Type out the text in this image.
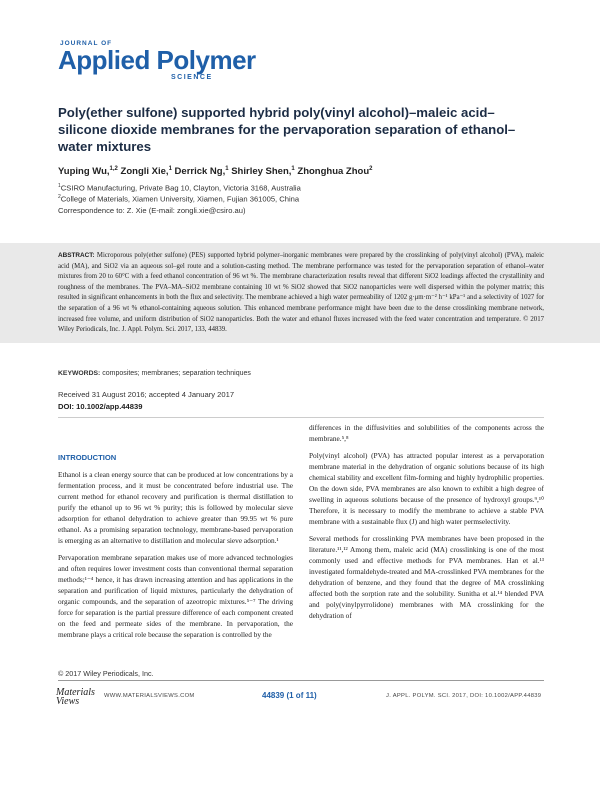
JOURNAL OF
Applied Polymer
SCIENCE
Poly(ether sulfone) supported hybrid poly(vinyl alcohol)–maleic acid–silicone dioxide membranes for the pervaporation separation of ethanol–water mixtures
Yuping Wu,$^{1,2}$ Zongli Xie,$^1$ Derrick Ng,$^1$ Shirley Shen,$^1$ Zhonghua Zhou$^2$
$^1$CSIRO Manufacturing, Private Bag 10, Clayton, Victoria 3168, Australia
$^2$College of Materials, Xiamen University, Xiamen, Fujian 361005, China
Correspondence to: Z. Xie (E-mail: zongli.xie@csiro.au)
ABSTRACT: Microporous poly(ether sulfone) (PES) supported hybrid polymer–inorganic membranes were prepared by the crosslinking of poly(vinyl alcohol) (PVA), maleic acid (MA), and SiO2 via an aqueous sol–gel route and a solution-casting method. The membrane performance was tested for the pervaporation separation of ethanol–water mixtures from 20 to 60°C with a feed ethanol concentration of 96 wt %. The membrane characterization results reveal that different SiO2 loadings affected the crystallinity and roughness of the membranes. The PVA–MA–SiO2 membrane containing 10 wt % SiO2 showed that SiO2 nanoparticles were well dispersed within the polymer matrix; this resulted in significant enhancements in both the flux and selectivity. The membrane achieved a high water permeability of 1202 g·μm·m⁻² h⁻¹ kPa⁻¹ and a selectivity of 1027 for the separation of a 96 wt % ethanol-containing aqueous solution. This enhanced membrane performance might have been due to the dense crosslinking membrane network, increased free volume, and uniform distribution of SiO2 nanoparticles. Both the water and ethanol fluxes increased with the feed water concentration and temperature. © 2017 Wiley Periodicals, Inc. J. Appl. Polym. Sci. 2017, 133, 44839.
KEYWORDS: composites; membranes; separation techniques
Received 31 August 2016; accepted 4 January 2017
DOI: 10.1002/app.44839
INTRODUCTION

Ethanol is a clean energy source that can be produced at low concentrations by a fermentation process, and it must be concentrated before industrial use. The current method for ethanol recovery and purification is thermal distillation to purify the ethanol up to 96 wt % purity; this is followed by molecular sieve adsorption for ethanol dehydration to achieve greater than 99.95 wt % pure ethanol. As a promising separation technology, membrane-based pervaporation is emerging as an alternative to distillation and molecular sieve adsorption.¹

Pervaporation membrane separation makes use of more advanced technologies and often requires lower investment costs than conventional thermal separation methods;¹⁻⁴ hence, it has drawn increasing attention and has applications in the separation and purification of liquid mixtures, particularly the dehydration of organic compounds, and the separation of azeotropic mixtures.⁵⁻⁷ The driving force for separation is the partial pressure difference of each component created on the feed and permeate sides of the membrane. In pervaporation, the membrane plays a critical role because the separation is controlled by the

differences in the diffusivities and solubilities of the components across the membrane.⁵,⁸

Poly(vinyl alcohol) (PVA) has attracted popular interest as a pervaporation membrane material in the dehydration of organic solutions because of its high chemical stability and excellent film-forming and highly hydrophilic properties. On the down side, PVA membranes are also known to exhibit a high degree of swelling in aqueous solutions because of the presence of hydroxyl groups.⁹,¹⁰ Therefore, it is necessary to modify the membrane to achieve a stable PVA membrane with a sustainable flux (J) and high water permselectivity.

Several methods for crosslinking PVA membranes have been proposed in the literature.¹¹,¹² Among them, maleic acid (MA) crosslinking is one of the most commonly used and effective methods for PVA membranes. Han et al.¹³ investigated formaldehyde-treated and MA-crosslinked PVA membranes for the dehydration of benzene, and they found that the degree of MA crosslinking affected both the sorption rate and the solubility. Sunitha et al.¹⁴ blended PVA and poly(vinylpyrrolidone) membranes with MA crosslinking for the dehydration of

© 2017 Wiley Periodicals, Inc.
Materials Views	WWW.MATERIALSVIEWS.COM	44839 (1 of 11)	J. APPL. POLYM. SCI. 2017, DOI: 10.1002/APP.44839
